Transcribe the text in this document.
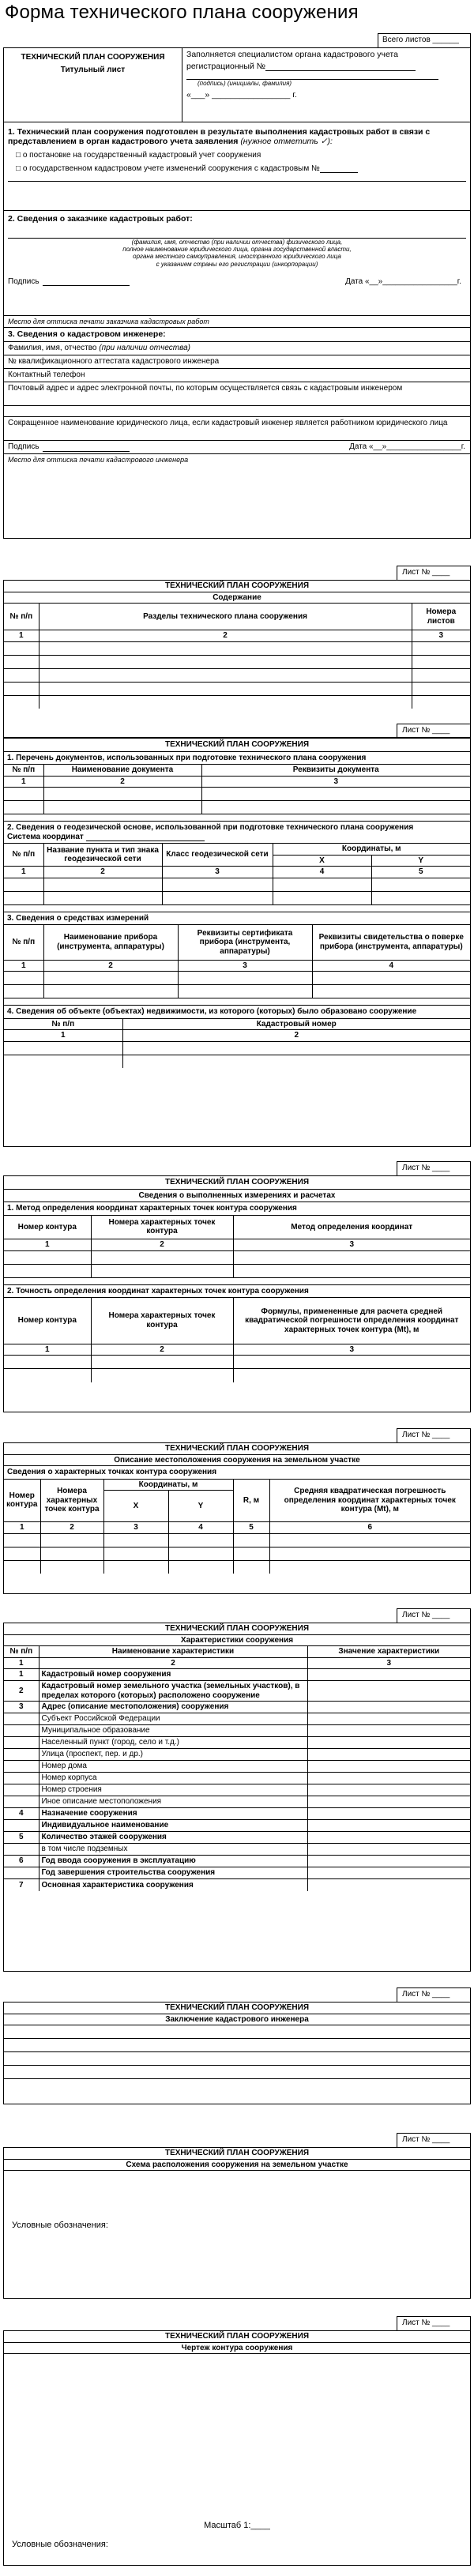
Форма технического плана сооружения
Всего листов ______
ТЕХНИЧЕСКИЙ ПЛАН СООРУЖЕНИЯ
Титульный лист
Заполняется специалистом органа кадастрового учета
регистрационный №
(подпись) (инициалы, фамилия)
«___» _________________ г.
1. Технический план сооружения подготовлен в результате выполнения кадастровых работ в связи с представлением в орган кадастрового учета заявления (нужное отметить ✓):
□ о постановке на государственный кадастровый учет сооружения
□ о государственном кадастровом учете изменений сооружения с кадастровым №
2. Сведения о заказчике кадастровых работ:
(фамилия, имя, отчество (при наличии отчества) физического лица,
полное наименование юридического лица, органа государственной власти,
органа местного самоуправления, иностранного юридического лица
с указанием страны его регистрации (инкорпорации)
Подпись	Дата «__»_________________г.
Место для оттиска печати заказчика кадастровых работ
3. Сведения о кадастровом инженере:
Фамилия, имя, отчество (при наличии отчества)
№ квалификационного аттестата кадастрового инженера
Контактный телефон
Почтовый адрес и адрес электронной почты, по которым осуществляется связь с кадастровым инженером
Сокращенное наименование юридического лица, если кадастровый инженер является работником юридического лица
Подпись	Дата «__»_________________г.
Место для оттиска печати кадастрового инженера
Лист № ____
ТЕХНИЧЕСКИЙ ПЛАН СООРУЖЕНИЯ		
Содержание		
№ п/п	Разделы технического плана сооружения	Номера листов
1	2	3

Лист № ____
ТЕХНИЧЕСКИЙ ПЛАН СООРУЖЕНИЯ
1. Перечень документов, использованных при подготовке технического плана сооружения
№ п/п	Наименование документа	Реквизиты документа
1	2	3

2. Сведения о геодезической основе, использованной при подготовке технического плана сооружения
Система координат
№ п/п	Название пункта и тип знака геодезической сети	Класс геодезической сети	Координаты, м	
			X	Y
1	2	3	4	5

3. Сведения о средствах измерений
№ п/п	Наименование прибора (инструмента, аппаратуры)	Реквизиты сертификата прибора (инструмента, аппаратуры)	Реквизиты свидетельства о поверке прибора (инструмента, аппаратуры)
1	2	3	4

4. Сведения об объекте (объектах) недвижимости, из которого (которых) было образовано сооружение
№ п/п	Кадастровый номер
1	2

Лист № ____
ТЕХНИЧЕСКИЙ ПЛАН СООРУЖЕНИЯ
Сведения о выполненных измерениях и расчетах
1. Метод определения координат характерных точек контура сооружения
Номер контура	Номера характерных точек контура	Метод определения координат
1	2	3

2. Точность определения координат характерных точек контура сооружения
Номер контура	Номера характерных точек контура	Формулы, примененные для расчета средней квадратической погрешности определения координат характерных точек контура (Мt), м
1	2	3

Лист № ____
ТЕХНИЧЕСКИЙ ПЛАН СООРУЖЕНИЯ
Описание местоположения сооружения на земельном участке
Сведения о характерных точках контура сооружения
Номер контура	Номера характерных точек контура	Координаты, м		R, м	Средняя квадратическая погрешность определения координат характерных точек контура (Мt), м
		X	Y		
1	2	3	4	5	6

Лист № ____
ТЕХНИЧЕСКИЙ ПЛАН СООРУЖЕНИЯ
Характеристики сооружения
№ п/п	Наименование характеристики	Значение характеристики
1	2	3
1	Кадастровый номер сооружения	
2	Кадастровый номер земельного участка (земельных участков), в пределах которого (которых) расположено сооружение	
3	Адрес (описание местоположения) сооружения	
	Субъект Российской Федерации	
	Муниципальное образование	
	Населенный пункт (город, село и т.д.)	
	Улица (проспект, пер. и др.)	
	Номер дома	
	Номер корпуса	
	Номер строения	
	Иное описание местоположения	
4	Назначение сооружения	
	Индивидуальное наименование	
5	Количество этажей сооружения	
	в том числе подземных	
6	Год ввода сооружения в эксплуатацию	
	Год завершения строительства сооружения	
7	Основная характеристика сооружения	
Лист № ____
ТЕХНИЧЕСКИЙ ПЛАН СООРУЖЕНИЯ
Заключение кадастрового инженера
Лист № ____
ТЕХНИЧЕСКИЙ ПЛАН СООРУЖЕНИЯ
Схема расположения сооружения на земельном участке
Условные обозначения:
Лист № ____
ТЕХНИЧЕСКИЙ ПЛАН СООРУЖЕНИЯ
Чертеж контура сооружения
Масштаб 1:____
Условные обозначения:
